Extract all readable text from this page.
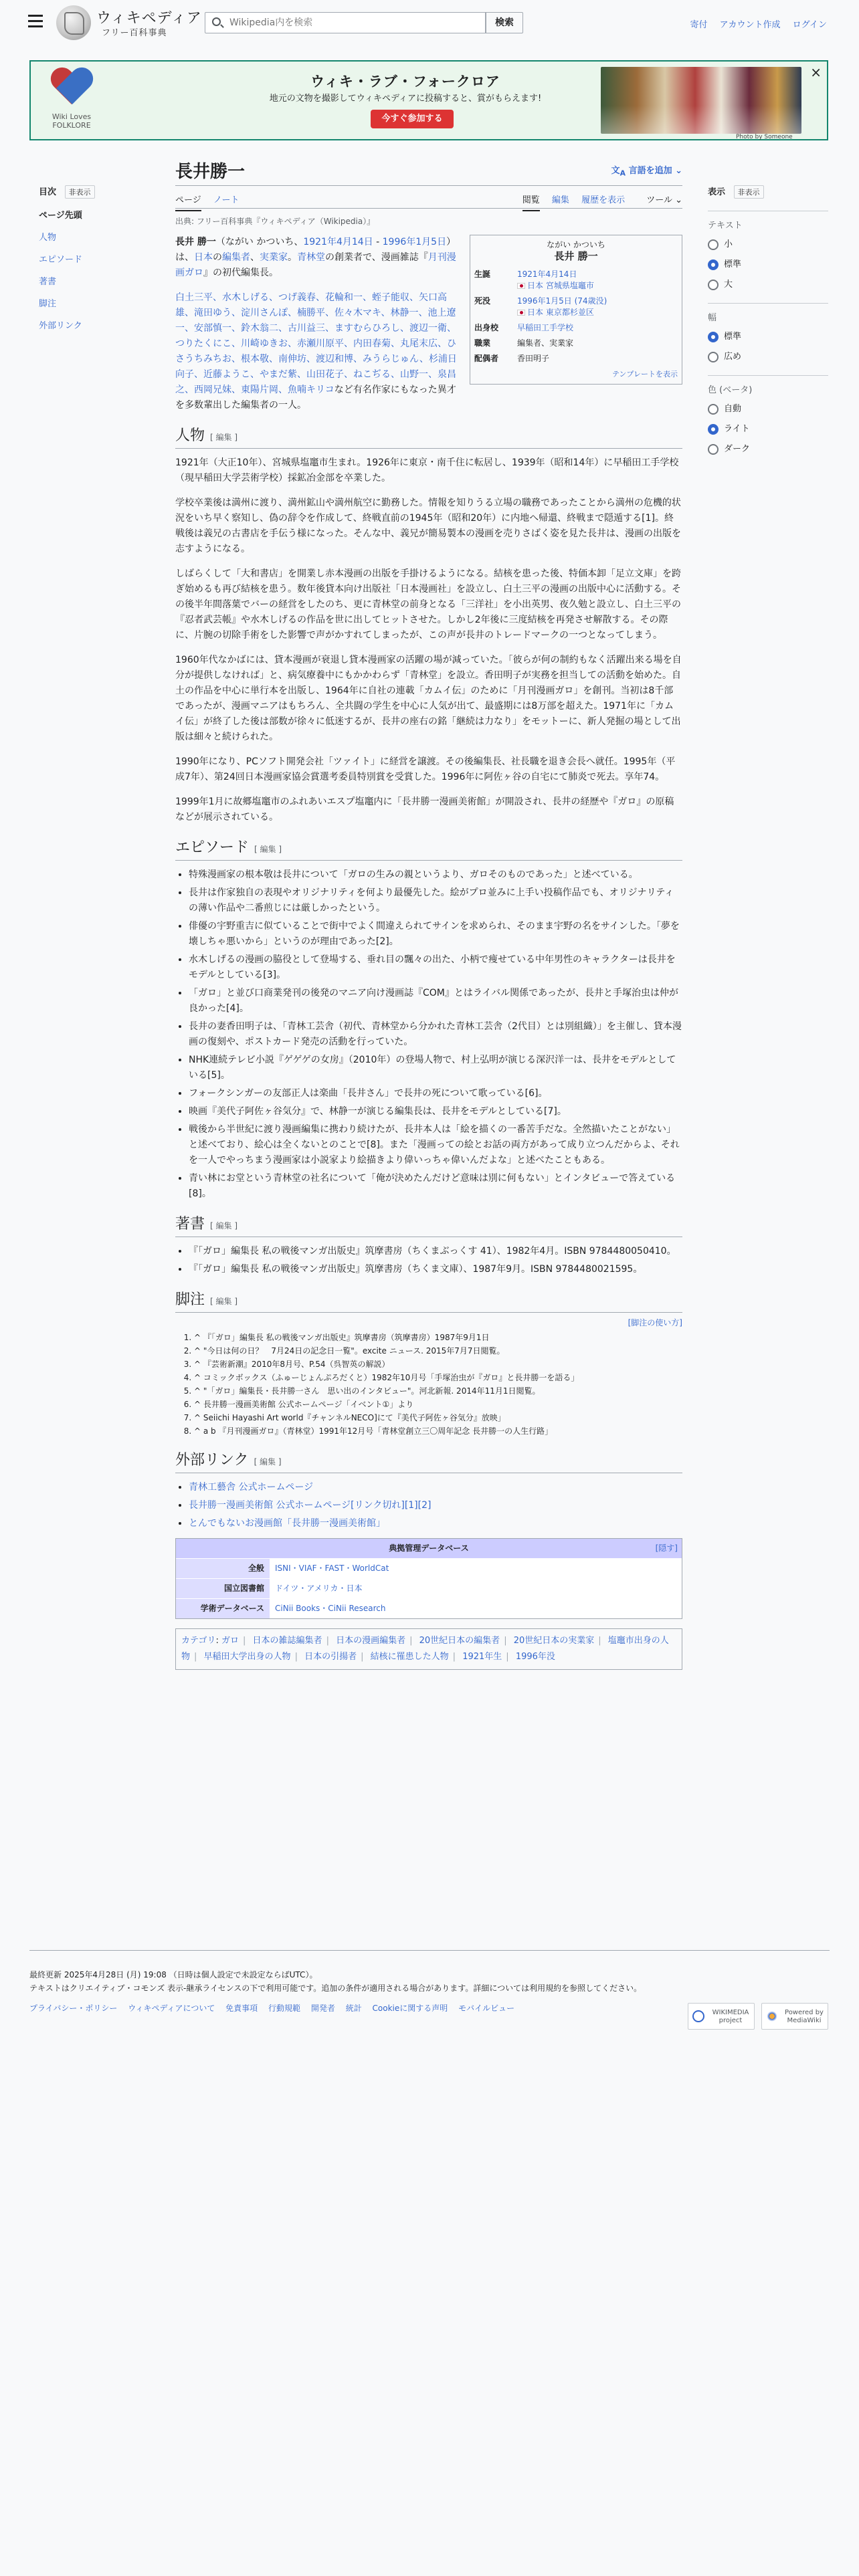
ウィキペディア
フリー百科事典
Wikipedia内を検索
検索	寄付 アカウント作成 ログイン
Wiki Loves FOLKLORE
ウィキ・ラブ・フォークロア
地元の文物を撮影してウィキペディアに投稿すると、賞がもらえます!
今すぐ参加する
Photo by Someone
×
目次 非表示
ページ先頭
人物
エピソード
著書
脚注
外部リンク
表示 非表示
テキスト
小
標準
大
幅
標準
広め
色 (ベータ)
自動
ライト
ダーク
長井勝一	文$_A$ 言語を追加 ⌄
ページ ノート	閲覧 編集 履歴を表示 ツール ⌄
出典: フリー百科事典『ウィキペディア（Wikipedia）』
ながい かついち
長井 勝一
生誕	1921年4月14日
日本 宮城県塩竈市
死没	1996年1月5日 (74歳没)
日本 東京都杉並区
出身校	早稲田工手学校
職業	編集者、実業家
配偶者	香田明子
テンプレートを表示

長井 勝一（ながい かついち、1921年4月14日 - 1996年1月5日）は、日本の編集者、実業家。青林堂の創業者で、漫画雑誌『月刊漫画ガロ』の初代編集長。

白土三平、水木しげる、つげ義春、花輪和一、蛭子能収、矢口高雄、滝田ゆう、淀川さんぽ、楠勝平、佐々木マキ、林静一、池上遼一、安部慎一、鈴木翁二、古川益三、ますむらひろし、渡辺一衛、つりたくにこ、川崎ゆきお、赤瀬川原平、内田春菊、丸尾末広、ひさうちみちお、根本敬、南伸坊、渡辺和博、みうらじゅん、杉浦日向子、近藤ようこ、やまだ紫、山田花子、ねこぢる、山野一、泉昌之、西岡兄妹、東陽片岡、魚喃キリコなど有名作家にもなった異才を多数輩出した編集者の一人。

人物 [ 編集 ]

1921年（大正10年）、宮城県塩竈市生まれ。1926年に東京・南千住に転居し、1939年（昭和14年）に早稲田工手学校（現早稲田大学芸術学校）採鉱冶金部を卒業した。

学校卒業後は満州に渡り、満州鉱山や満州航空に勤務した。情報を知りうる立場の職務であったことから満州の危機的状況をいち早く察知し、偽の辞令を作成して、終戦直前の1945年（昭和20年）に内地へ帰還、終戦まで隠遁する[1]。終戦後は義兄の古書店を手伝う様になった。そんな中、義兄が簡易製本の漫画を売りさばく姿を見た長井は、漫画の出版を志すようになる。

しばらくして「大和書店」を開業し赤本漫画の出版を手掛けるようになる。結核を患った後、特価本卸「足立文庫」を跨ぎ始めるも再び結核を患う。数年後貸本向け出版社「日本漫画社」を設立し、白土三平の漫画の出版中心に活動する。その後半年間落葉でバーの経営をしたのち、更に青林堂の前身となる「三洋社」を小出英男、夜久勉と設立し、白土三平の『忍者武芸帳』や水木しげるの作品を世に出してヒットさせた。しかし2年後に三度結核を再発させ解散する。その際に、片腕の切除手術をした影響で声がかすれてしまったが、この声が長井のトレードマークの一つとなってしまう。

1960年代なかばには、貸本漫画が衰退し貸本漫画家の活躍の場が減っていた。「彼らが何の制約もなく活躍出来る場を自分が提供しなければ」と、病気療養中にもかかわらず「青林堂」を設立。香田明子が実務を担当しての活動を始めた。自土の作品を中心に単行本を出版し、1964年に自社の連載「カムイ伝」のために「月刊漫画ガロ」を創刊。当初は8千部であったが、漫画マニアはもちろん、全共闘の学生を中心に人気が出て、最盛期には8万部を超えた。1971年に「カムイ伝」が終了した後は部数が徐々に低迷するが、長井の座右の銘「継続は力なり」をモットーに、新人発掘の場として出版は細々と続けられた。

1990年になり、PCソフト開発会社「ツァイト」に経営を譲渡。その後編集長、社長職を退き会長へ就任。1995年（平成7年）、第24回日本漫画家協会賞選考委員特別賞を受賞した。1996年に阿佐ヶ谷の自宅にて肺炎で死去。享年74。

1999年1月に故郷塩竈市のふれあいエスプ塩竈内に「長井勝一漫画美術館」が開設され、長井の経歴や『ガロ』の原稿などが展示されている。

エピソード [ 編集 ]
• 特殊漫画家の根本敬は長井について「ガロの生みの親というより、ガロそのものであった」と述べている。
• 長井は作家独自の表現やオリジナリティを何より最優先した。絵がプロ並みに上手い投稿作品でも、オリジナリティの薄い作品や二番煎じには厳しかったという。
• 俳優の宇野重吉に似ていることで街中でよく間違えられてサインを求められ、そのまま宇野の名をサインした。「夢を壊しちゃ悪いから」というのが理由であった[2]。
• 水木しげるの漫画の脇役として登場する、垂れ目の飄々の出た、小柄で痩せている中年男性のキャラクターは長井をモデルとしている[3]。
• 「ガロ」と並び口商業発刊の後発のマニア向け漫画誌『COM』とはライバル関係であったが、長井と手塚治虫は仲が良かった[4]。
• 長井の妻香田明子は、「青林工芸舎（初代、青林堂から分かれた青林工芸舎（2代目）とは別組織）」を主催し、貸本漫画の復刻や、ポストカード発売の活動を行っていた。
• NHK連続テレビ小説『ゲゲゲの女房』（2010年）の登場人物で、村上弘明が演じる深沢洋一は、長井をモデルとしている[5]。
• フォークシンガーの友部正人は楽曲「長井さん」で長井の死について歌っている[6]。
• 映画『美代子阿佐ヶ谷気分』で、林静一が演じる編集長は、長井をモデルとしている[7]。
• 戦後から半世紀に渡り漫画編集に携わり続けたが、長井本人は「絵を描くの一番苦手だな。全然描いたことがない」と述べており、絵心は全くないとのことで[8]。また「漫画っての絵とお話の両方があって成り立つんだからよ、それを一人でやっちまう漫画家は小説家より絵描きより偉いっちゃ偉いんだよな」と述べたこともある。
• 青い林にお堂という青林堂の社名について「俺が決めたんだけど意味は別に何もない」とインタビューで答えている[8]。
著書 [ 編集 ]
• 『「ガロ」編集長 私の戦後マンガ出版史』筑摩書房（ちくまぶっくす 41）、1982年4月。ISBN 9784480050410。
• 『「ガロ」編集長 私の戦後マンガ出版史』筑摩書房（ちくま文庫）、1987年9月。ISBN 9784480021595。
脚注 [ 編集 ]
[脚注の使い方]
1. ^ 『「ガロ」編集長 私の戦後マンガ出版史』筑摩書房（筑摩書房）1987年9月1日
2. ^ "今日は何の日？　7月24日の記念日一覧"。excite ニュース. 2015年7月7日閲覧。
3. ^ 『芸術新潮』2010年8月号、P.54（呉智英の解説）
4. ^ コミックボックス（ふゅーじょんぷろだくと）1982年10月号「手塚治虫が『ガロ』と長井勝一を語る」
5. ^ "「ガロ」編集長・長井勝一さん　思い出のインタビュー"。河北新報. 2014年11月1日閲覧。
6. ^ 長井勝一漫画美術館 公式ホームページ「イベント①」より
7. ^ Seiichi Hayashi Art world『チャンネルNECO]にて『美代子阿佐ヶ谷気分』放映」
8. ^ a b 『月刊漫画ガロ』（青林堂）1991年12月号「青林堂創立三〇周年記念 長井勝一の人生行路」
外部リンク [ 編集 ]
• 青林工藝舎 公式ホームページ
• 長井勝一漫画美術館 公式ホームページ[リンク切れ][1][2]
• とんでもないお漫画館「長井勝一漫画美術館」
典拠管理データベース	[隠す]
全般	ISNI・VIAF・FAST・WorldCat
国立図書館	ドイツ・アメリカ・日本
学術データベース	CiNii Books・CiNii Research
カテゴリ: ガロ | 日本の雑誌編集者 | 日本の漫画編集者 | 20世紀日本の編集者 | 20世紀日本の実業家 | 塩竈市出身の人物 | 早稲田大学出身の人物 | 日本の引揚者 | 結核に罹患した人物 | 1921年生 | 1996年没
最終更新 2025年4月28日 (月) 19:08 （日時は個人設定で未設定ならばUTC）。
テキストはクリエイティブ・コモンズ 表示-継承ライセンスの下で利用可能です。追加の条件が適用される場合があります。詳細については利用規約を参照してください。
プライバシー・ポリシー ウィキペディアについて 免責事項 行動規範 開発者 統計 Cookieに関する声明 モバイルビュー	WIKIMEDIA project
Powered by MediaWiki
